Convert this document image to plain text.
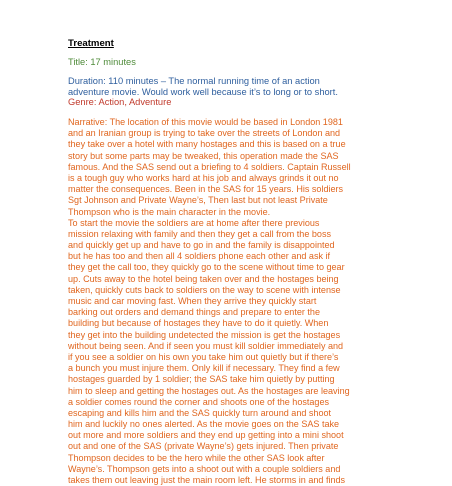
Treatment
Title: 17 minutes
Duration: 110 minutes – The normal running time of an action
adventure movie. Would work well because it’s to long or to short.
Genre: Action, Adventure
Narrative: The location of this movie would be based in London 1981
and an Iranian group is trying to take over the streets of London and
they take over a hotel with many hostages and this is based on a true
story but some parts may be tweaked, this operation made the SAS
famous. And the SAS send out a briefing to 4 soldiers. Captain Russell
is a tough guy who works hard at his job and always grinds it out no
matter the consequences. Been in the SAS for 15 years. His soldiers
Sgt Johnson and Private Wayne’s, Then last but not least Private
Thompson who is the main character in the movie.
To start the movie the soldiers are at home after there previous
mission relaxing with family and then they get a call from the boss
and quickly get up and have to go in and the family is disappointed
but he has too and then all 4 soldiers phone each other and ask if
they get the call too, they quickly go to the scene without time to gear
up. Cuts away to the hotel being taken over and the hostages being
taken, quickly cuts back to soldiers on the way to scene with intense
music and car moving fast. When they arrive they quickly start
barking out orders and demand things and prepare to enter the
building but because of hostages they have to do it quietly. When
they get into the building undetected the mission is get the hostages
without being seen. And if seen you must kill soldier immediately and
if you see a soldier on his own you take him out quietly but if there’s
a bunch you must injure them. Only kill if necessary. They find a few
hostages guarded by 1 soldier; the SAS take him quietly by putting
him to sleep and getting the hostages out. As the hostages are leaving
a soldier comes round the corner and shoots one of the hostages
escaping and kills him and the SAS quickly turn around and shoot
him and luckily no ones alerted. As the movie goes on the SAS take
out more and more soldiers and they end up getting into a mini shoot
out and one of the SAS (private Wayne’s) gets injured. Then private
Thompson decides to be the hero while the other SAS look after
Wayne’s. Thompson gets into a shoot out with a couple soldiers and
takes them out leaving just the main room left. He storms in and finds
